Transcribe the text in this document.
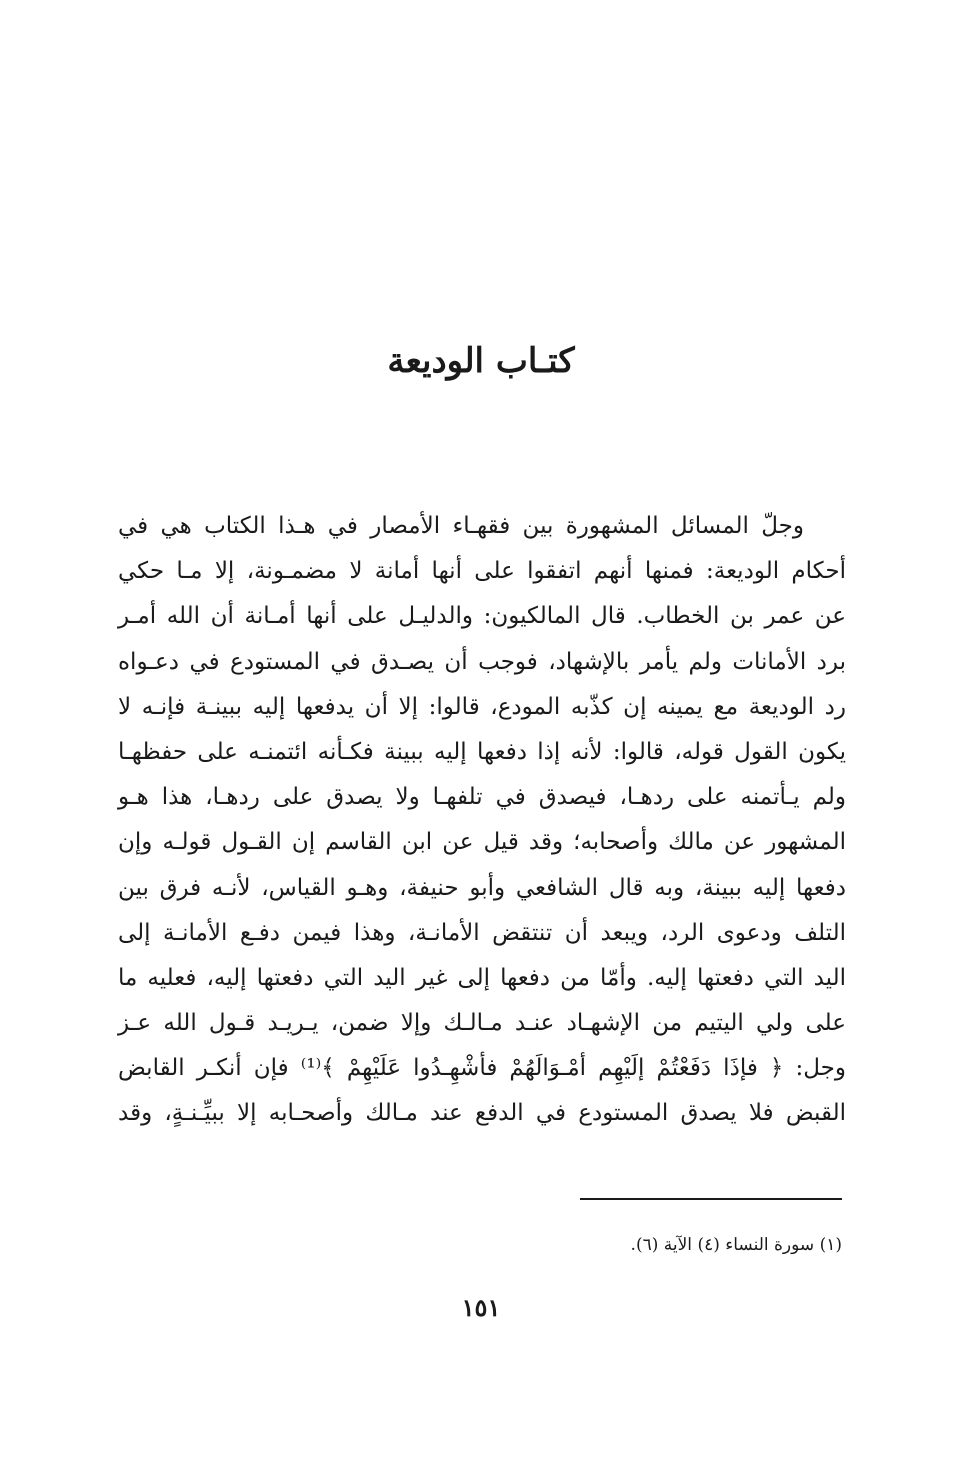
كتـاب الوديعة
وجلّ المسائل المشهورة بين فقهـاء الأمصار في هـذا الكتاب هي في
أحكام الوديعة: فمنها أنهم اتفقوا على أنها أمانة لا مضمـونة، إلا مـا حكي
عن عمر بن الخطاب. قال المالكيون: والدليـل على أنها أمـانة أن الله أمـر
برد الأمانات ولم يأمر بالإشهاد، فوجب أن يصـدق في المستودع في دعـواه
رد الوديعة مع يمينه إن كذّبه المودع، قالوا: إلا أن يدفعها إليه ببينـة فإنـه لا
يكون القول قوله، قالوا: لأنه إذا دفعها إليه ببينة فكـأنه ائتمنـه على حفظهـا
ولم يـأتمنه على ردهـا، فيصدق في تلفهـا ولا يصدق على ردهـا، هذا هـو
المشهور عن مالك وأصحابه؛ وقد قيل عن ابن القاسم إن القـول قولـه وإن
دفعها إليه ببينة، وبه قال الشافعي وأبو حنيفة، وهـو القياس، لأنـه فرق بين
التلف ودعوى الرد، ويبعد أن تنتقض الأمانـة، وهذا فيمن دفـع الأمانـة إلى
اليد التي دفعتها إليه. وأمّا من دفعها إلى غير اليد التي دفعتها إليه، فعليه ما
على ولي اليتيم من الإشهـاد عنـد مـالـك وإلا ضمن، يـريـد قـول الله عـز
وجل: ﴿ فإذَا دَفَعْتُمْ إلَيْهِم أمْـوَالَهُمْ فأشْهِـدُوا عَلَيْهِمْ ﴾⁽¹⁾ فإن أنكـر القابض
القبض فلا يصدق المستودع في الدفع عند مـالك وأصحـابه إلا ببيِّـنـةٍ، وقد
(١) سورة النساء (٤) الآية (٦).
١٥١
